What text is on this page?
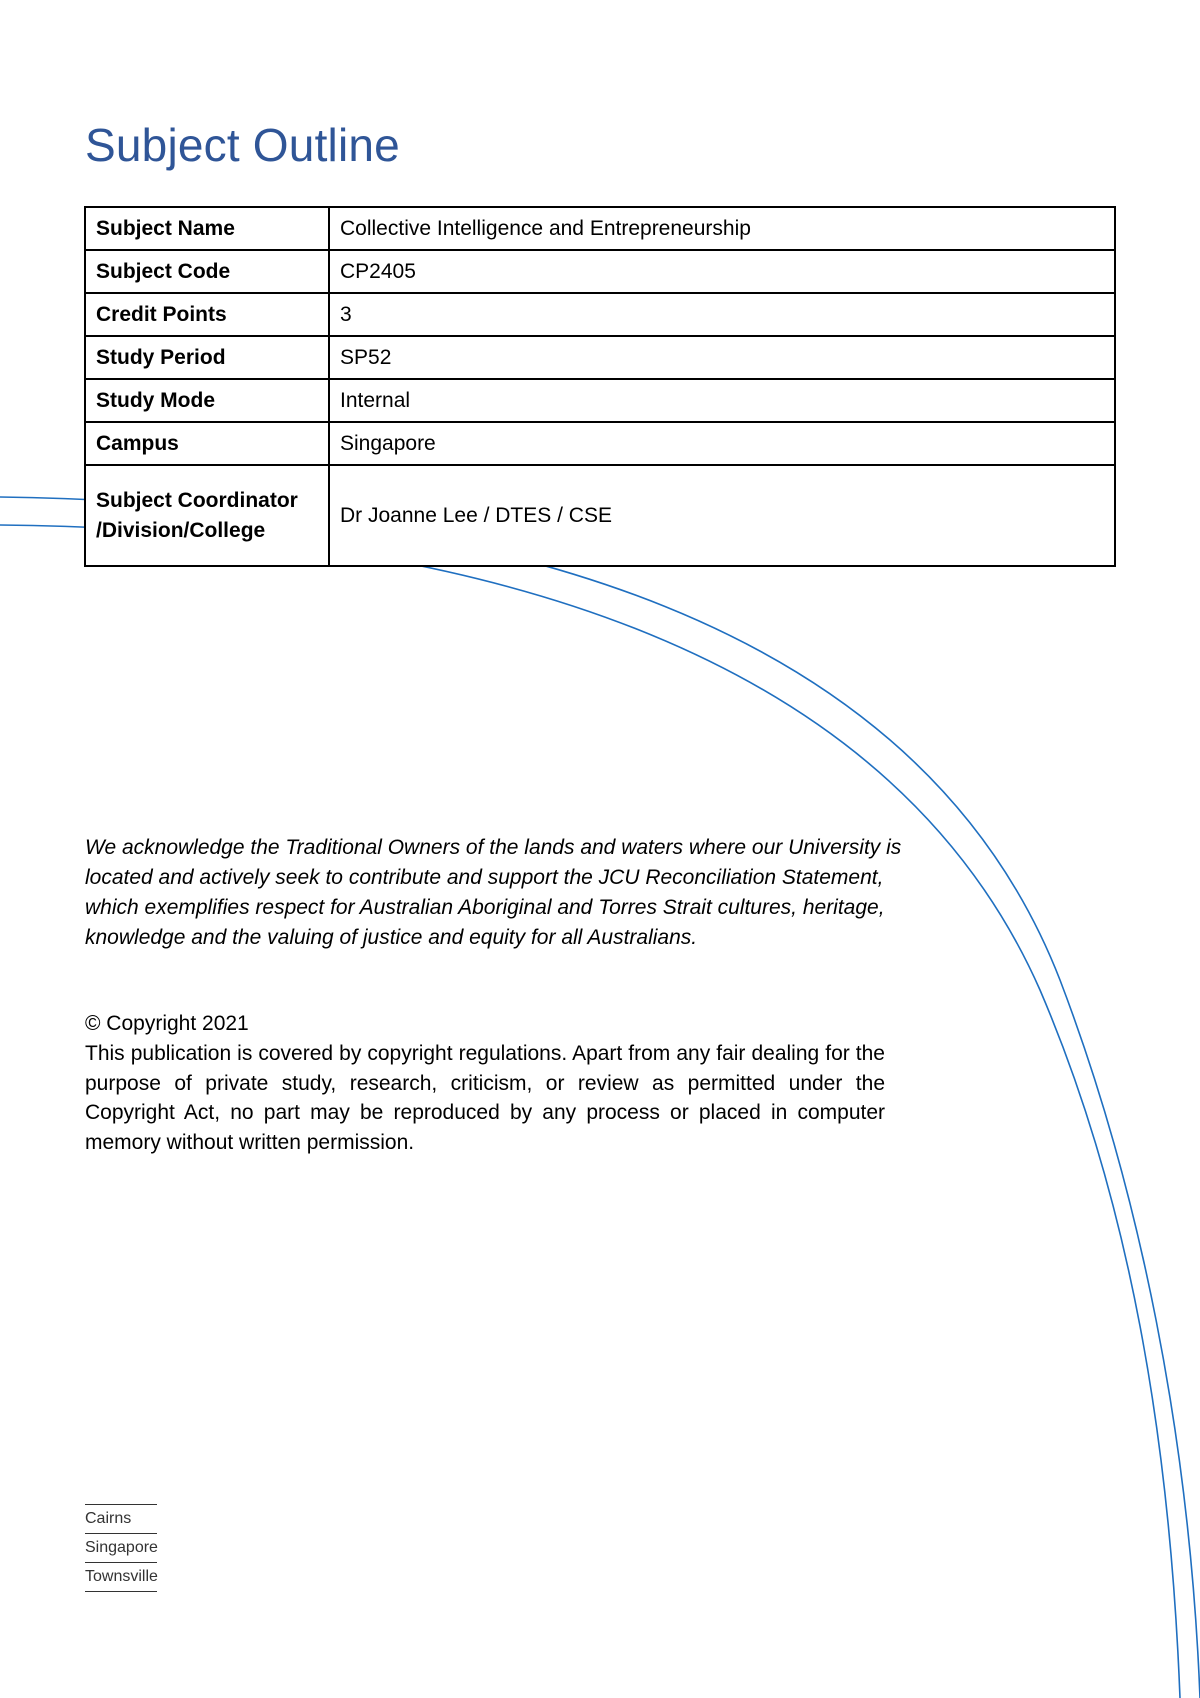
Subject Outline
Subject Name	Collective Intelligence and Entrepreneurship
Subject Code	CP2405
Credit Points	3
Study Period	SP52
Study Mode	Internal
Campus	Singapore
Subject Coordinator /Division/College	Dr Joanne Lee / DTES / CSE

We acknowledge the Traditional Owners of the lands and waters where our University is located and actively seek to contribute and support the JCU Reconciliation Statement, which exemplifies respect for Australian Aboriginal and Torres Strait cultures, heritage, knowledge and the valuing of justice and equity for all Australians.

© Copyright 2021

This publication is covered by copyright regulations. Apart from any fair dealing for the purpose of private study, research, criticism, or review as permitted under the Copyright Act, no part may be reproduced by any process or placed in computer memory without written permission.

Cairns
Singapore
Townsville
